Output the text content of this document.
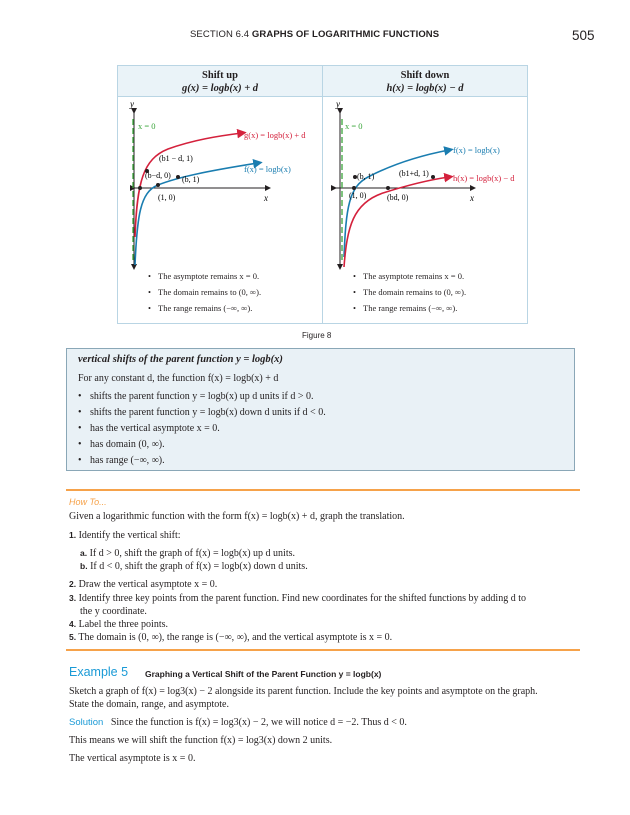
SECTION 6.4 GRAPHS OF LOGARITHMIC FUNCTIONS	505
Shift up
g(x) = logb(x) + d
Shift down
h(x) = logb(x) − d
y
x
x = 0
g(x) = logb(x) + d
f(x) = logb(x)
(b1 − d, 1)
(b−d, 0) (b, 1)
(1, 0)
• The asymptote remains x = 0.
• The domain remains to (0, ∞).
• The range remains (−∞, ∞).
y
x
x = 0
f(x) = logb(x)
h(x) = logb(x) − d
(b1+d, 1)
(b, 1)
(1, 0)	(bd, 0)
• The asymptote remains x = 0.
• The domain remains to (0, ∞).
• The range remains (−∞, ∞).
Figure 8
vertical shifts of the parent function y = logb(x)
For any constant d, the function f(x) = logb(x) + d
• shifts the parent function y = logb(x) up d units if d > 0.
• shifts the parent function y = logb(x) down d units if d < 0.
• has the vertical asymptote x = 0.
• has domain (0, ∞).
• has range (−∞, ∞).
How To...
Given a logarithmic function with the form f(x) = logb(x) + d, graph the translation.
1. Identify the vertical shift:
a. If d > 0, shift the graph of f(x) = logb(x) up d units.
b. If d < 0, shift the graph of f(x) = logb(x) down d units.
2. Draw the vertical asymptote x = 0.
3. Identify three key points from the parent function. Find new coordinates for the shifted functions by adding d to
the y coordinate.
4. Label the three points.
5. The domain is (0, ∞), the range is (−∞, ∞), and the vertical asymptote is x = 0.
Example 5 Graphing a Vertical Shift of the Parent Function y = logb(x)
Sketch a graph of f(x) = log3(x) − 2 alongside its parent function. Include the key points and asymptote on the graph.
State the domain, range, and asymptote.
Solution Since the function is f(x) = log3(x) − 2, we will notice d = −2. Thus d < 0.
This means we will shift the function f(x) = log3(x) down 2 units.
The vertical asymptote is x = 0.
